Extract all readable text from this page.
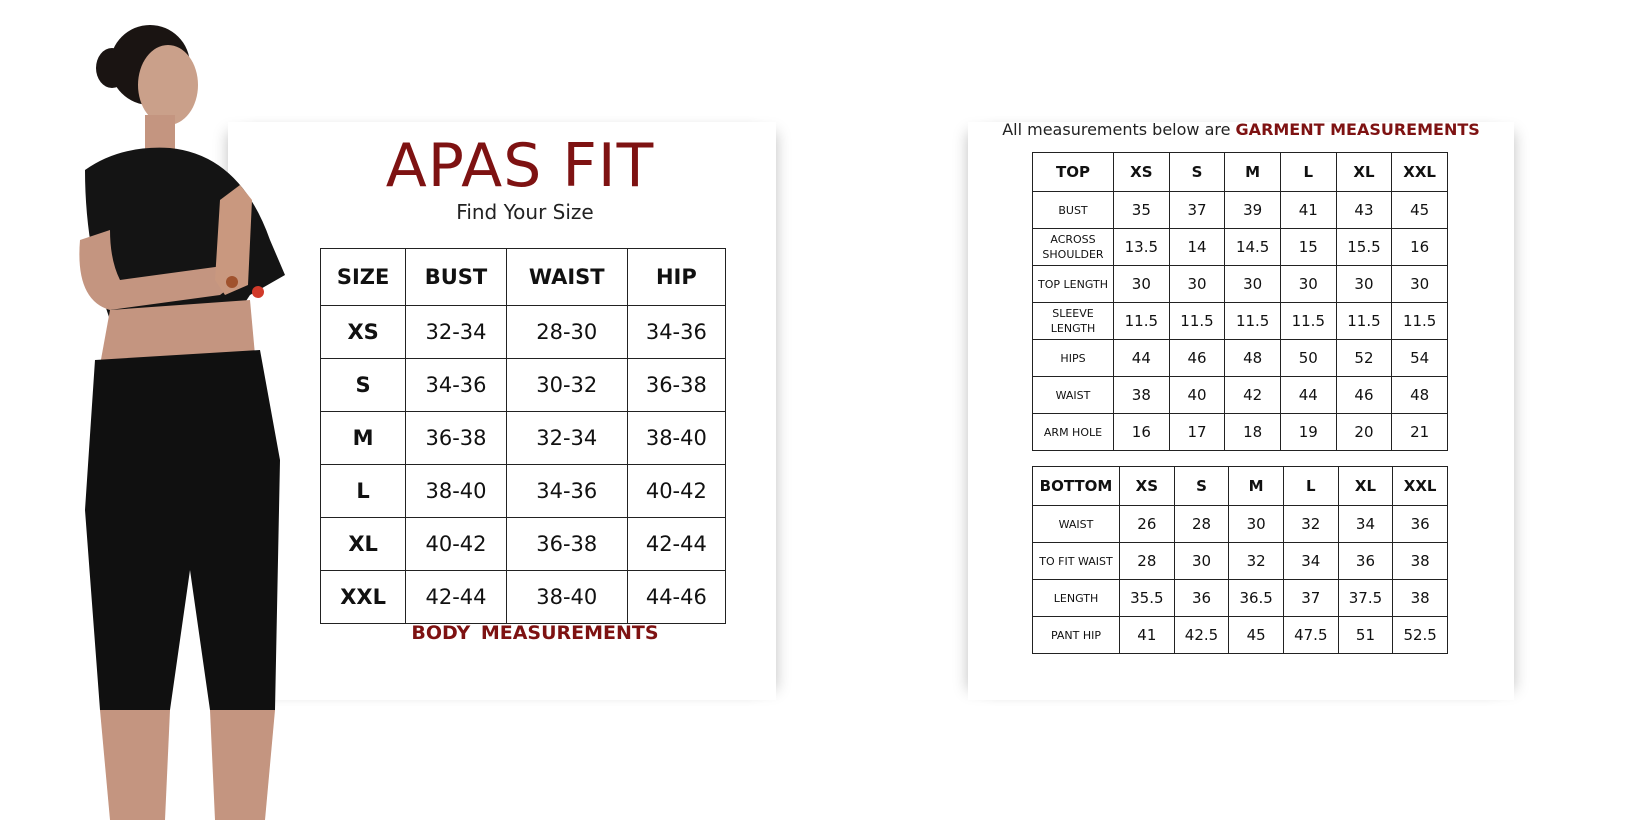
APAS FIT
Find Your Size
SIZE	BUST	WAIST	HIP
XS	32-34	28-30	34-36
S	34-36	30-32	36-38
M	36-38	32-34	38-40
L	38-40	34-36	40-42
XL	40-42	36-38	42-44
XXL	42-44	38-40	44-46
BODY MEASUREMENTS
All measurements below are GARMENT MEASUREMENTS
TOP	XS	S	M	L	XL	XXL
BUST	35	37	39	41	43	45
ACROSS SHOULDER	13.5	14	14.5	15	15.5	16
TOP LENGTH	30	30	30	30	30	30
SLEEVE LENGTH	11.5	11.5	11.5	11.5	11.5	11.5
HIPS	44	46	48	50	52	54
WAIST	38	40	42	44	46	48
ARM HOLE	16	17	18	19	20	21
BOTTOM	XS	S	M	L	XL	XXL
WAIST	26	28	30	32	34	36
TO FIT WAIST	28	30	32	34	36	38
LENGTH	35.5	36	36.5	37	37.5	38
PANT HIP	41	42.5	45	47.5	51	52.5
